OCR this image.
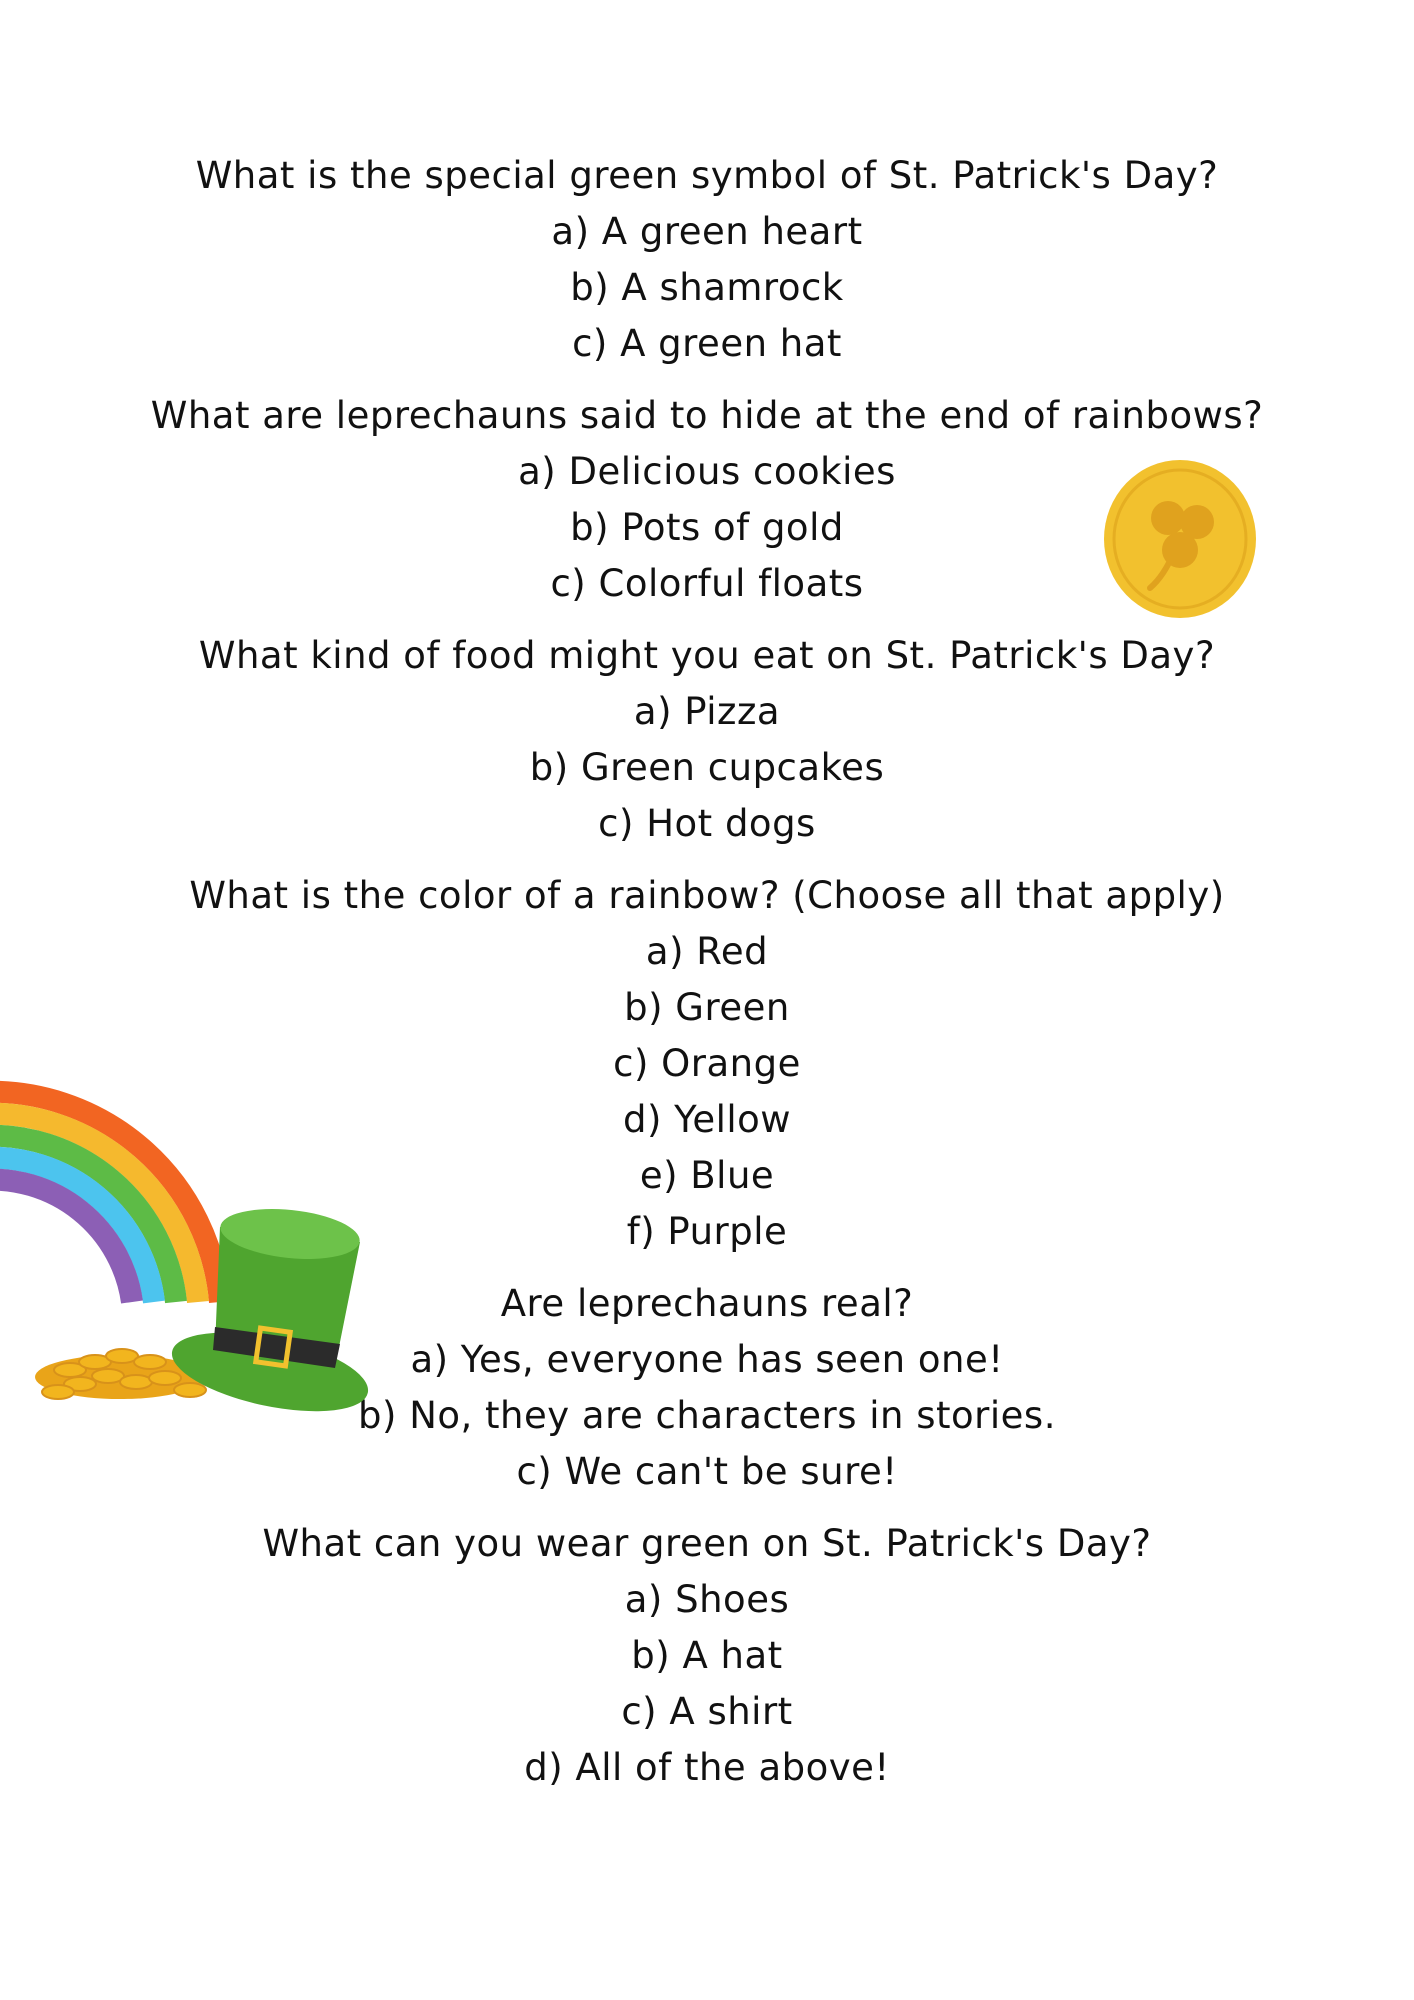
What is the special green symbol of St. Patrick's Day?
a) A green heart
b) A shamrock
c) A green hat
What are leprechauns said to hide at the end of rainbows?
a) Delicious cookies
b) Pots of gold
c) Colorful floats
What kind of food might you eat on St. Patrick's Day?
a) Pizza
b) Green cupcakes
c) Hot dogs
What is the color of a rainbow? (Choose all that apply)
a) Red
b) Green
c) Orange
d) Yellow
e) Blue
f) Purple
Are leprechauns real?
a) Yes, everyone has seen one!
b) No, they are characters in stories.
c) We can't be sure!
What can you wear green on St. Patrick's Day?
a) Shoes
b) A hat
c) A shirt
d) All of the above!
